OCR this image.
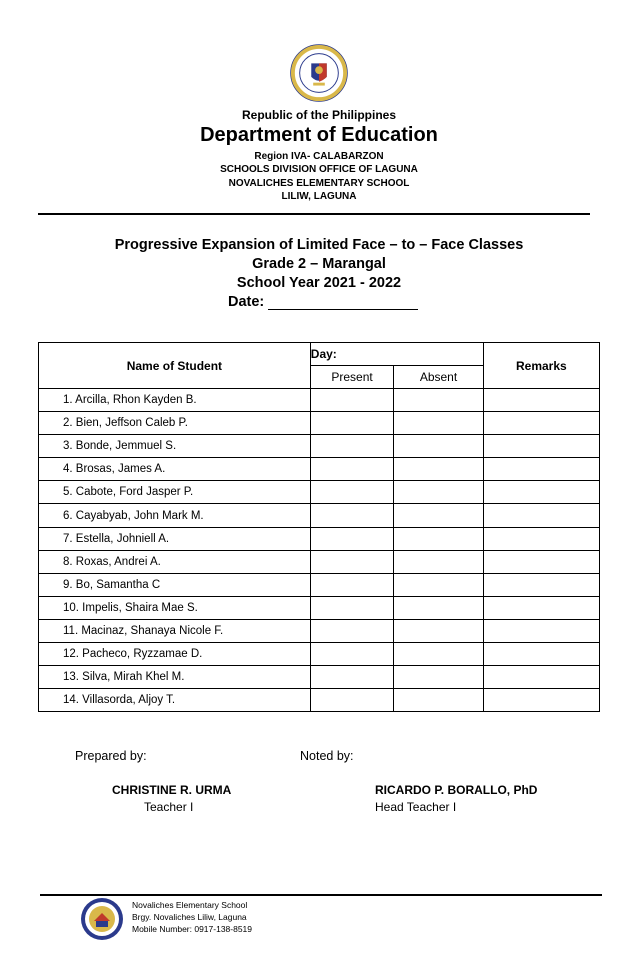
Republic of the Philippines
Department of Education
Region IVA- CALABARZON
SCHOOLS DIVISION OFFICE OF LAGUNA
NOVALICHES ELEMENTARY SCHOOL
LILIW, LAGUNA
Progressive Expansion of Limited Face – to – Face Classes
Grade 2 – Marangal
School Year 2021 - 2022
Date:
Name of Student	Day:		Remarks
	Present	Absent	
1. Arcilla, Rhon Kayden B.			
2. Bien, Jeffson Caleb P.			
3. Bonde, Jemmuel S.			
4. Brosas, James A.			
5. Cabote, Ford Jasper P.			
6. Cayabyab, John Mark M.			
7. Estella, Johniell A.			
8. Roxas, Andrei A.			
9. Bo, Samantha C			
10. Impelis, Shaira Mae S.			
11. Macinaz, Shanaya Nicole F.			
12. Pacheco, Ryzzamae D.			
13. Silva, Mirah Khel M.			
14. Villasorda, Aljoy T.			
Prepared by:	Noted by:
CHRISTINE R. URMA
Teacher I
RICARDO P. BORALLO, PhD
Head Teacher I
Novaliches Elementary School
Brgy. Novaliches Liliw, Laguna
Mobile Number: 0917-138-8519
